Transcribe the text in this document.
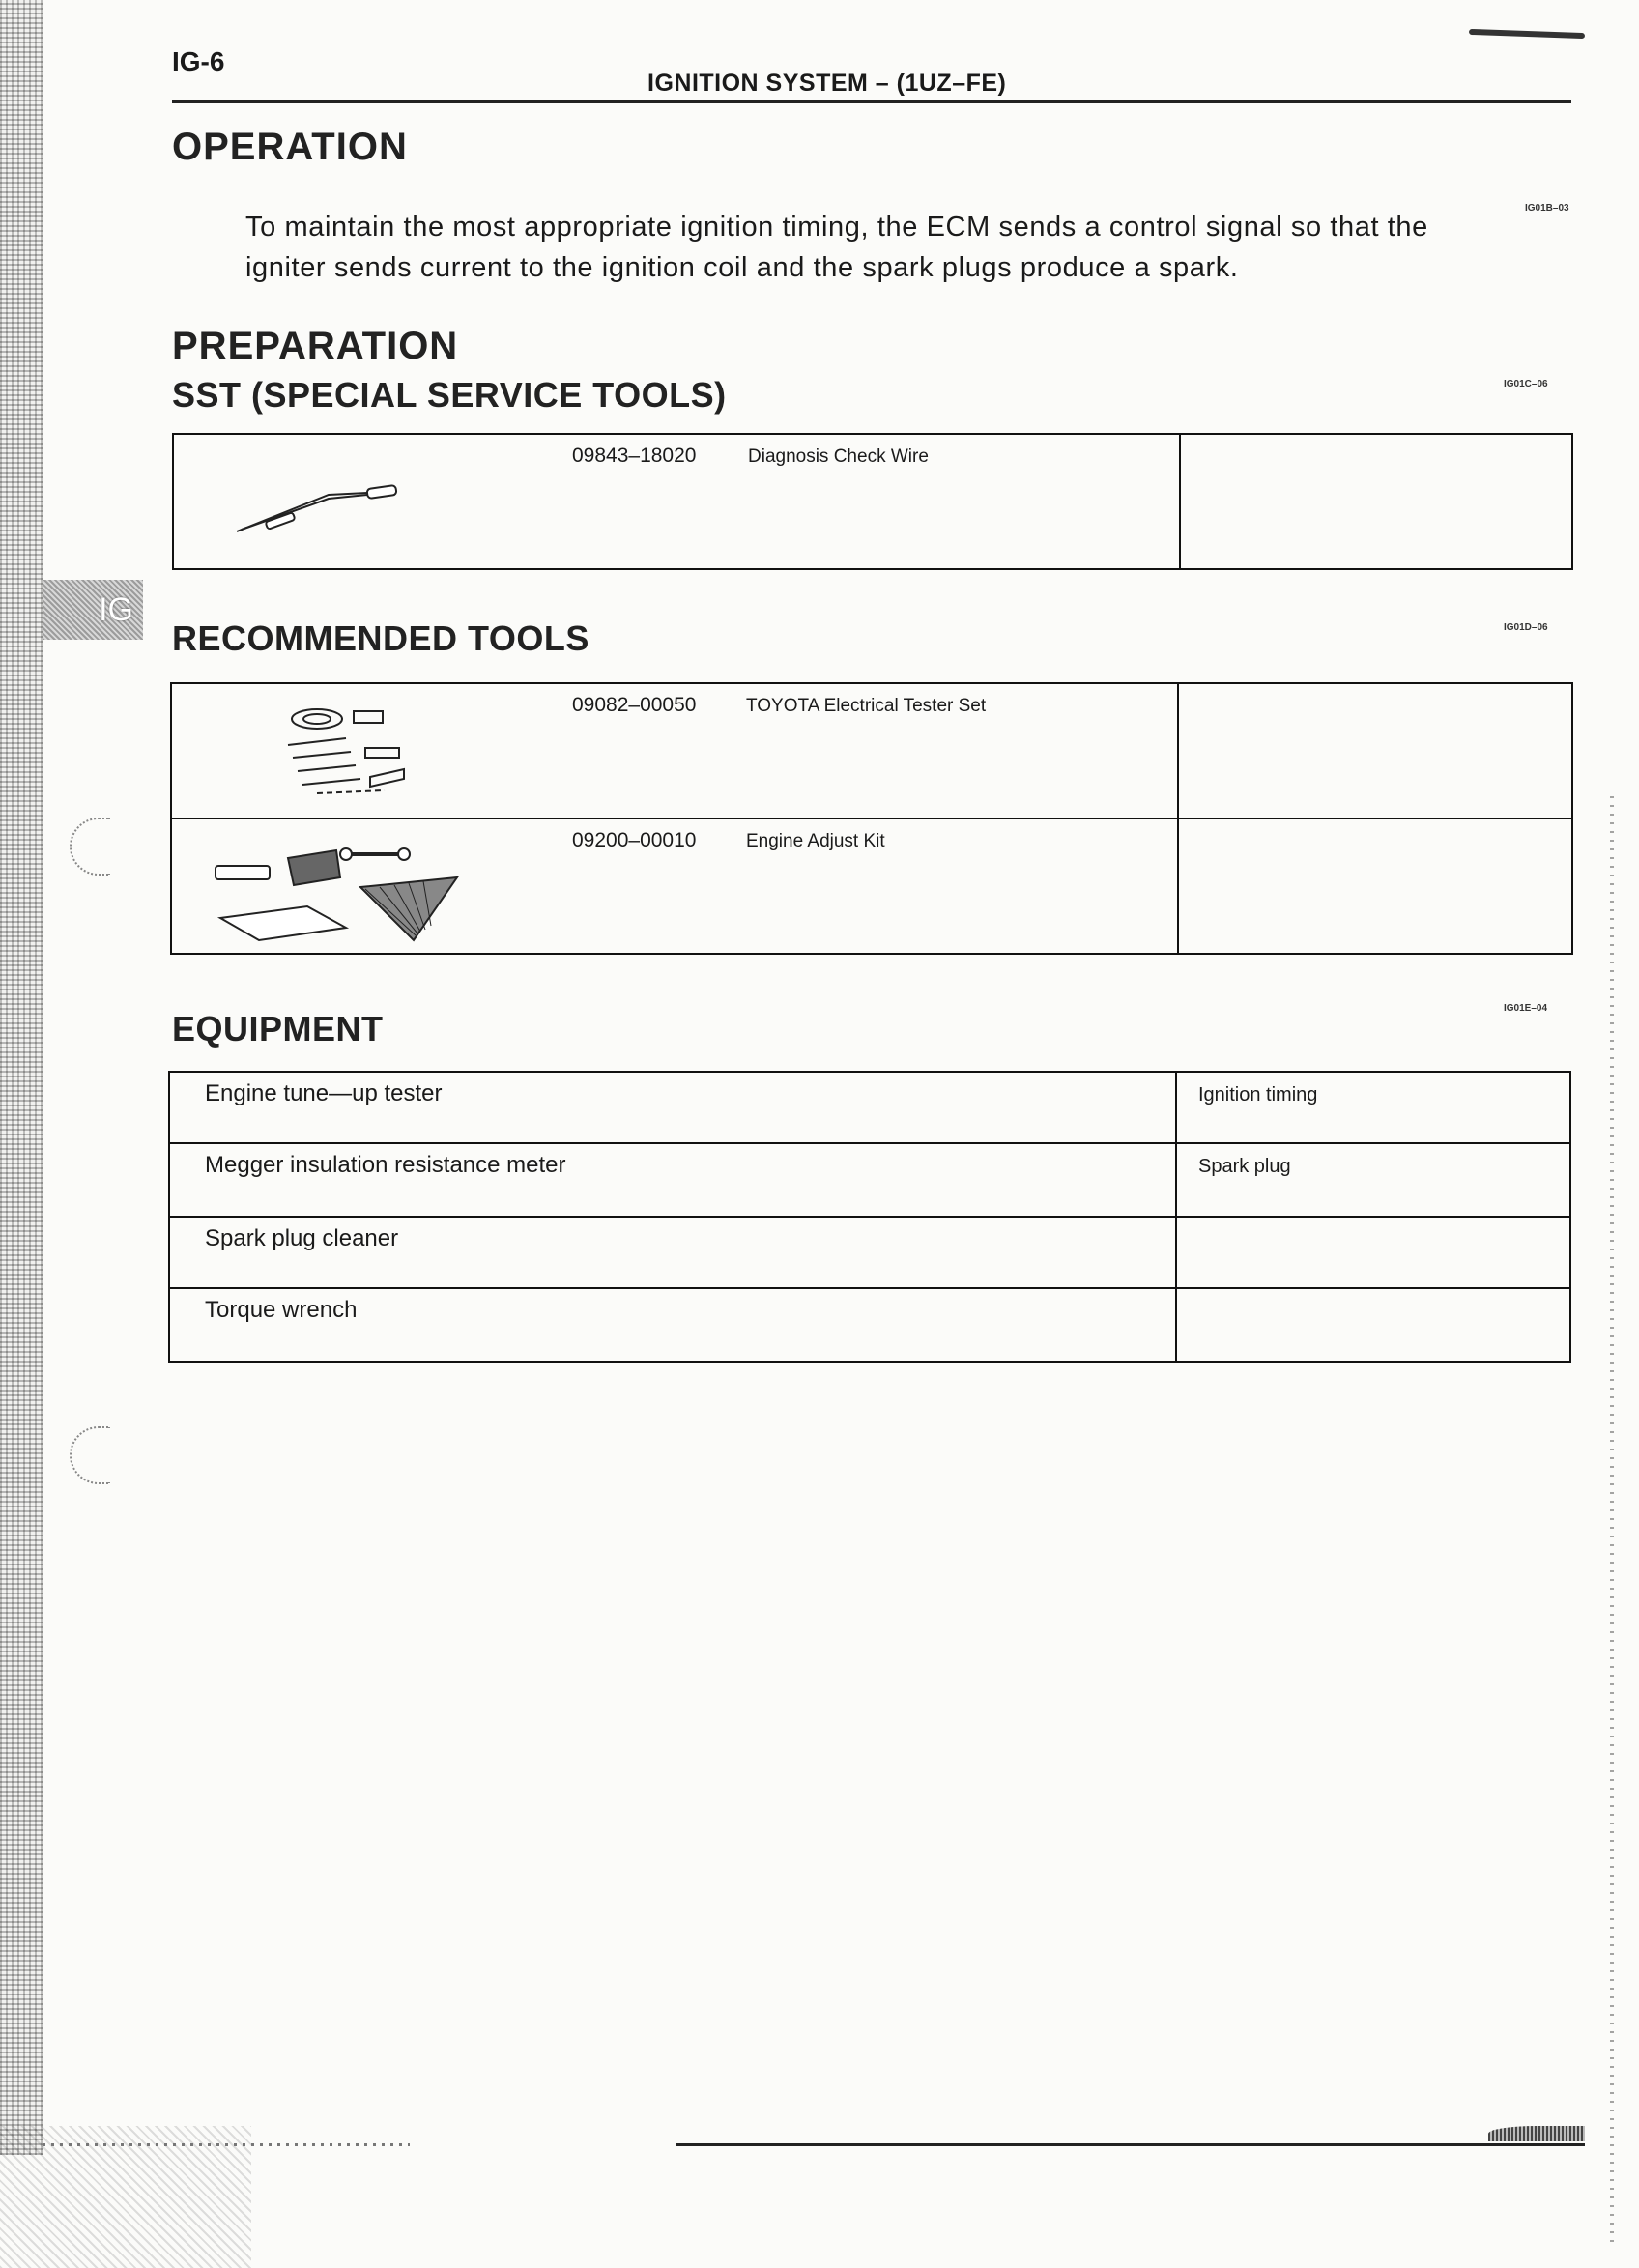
IG
IG-6
IGNITION SYSTEM – (1UZ–FE)
OPERATION
IG01B–03
To maintain the most appropriate ignition timing, the ECM sends a control signal so that the
igniter sends current to the ignition coil and the spark plugs produce a spark.
PREPARATION
SST (SPECIAL SERVICE TOOLS)	IG01C–06
09843–18020	Diagnosis Check Wire
RECOMMENDED TOOLS	IG01D–06
09082–00050	TOYOTA Electrical Tester Set
09200–00010	Engine Adjust Kit
EQUIPMENT
IG01E–04
Engine tune—up tester	Ignition timing
Megger insulation resistance meter	Spark plug
Spark plug cleaner
Torque wrench
